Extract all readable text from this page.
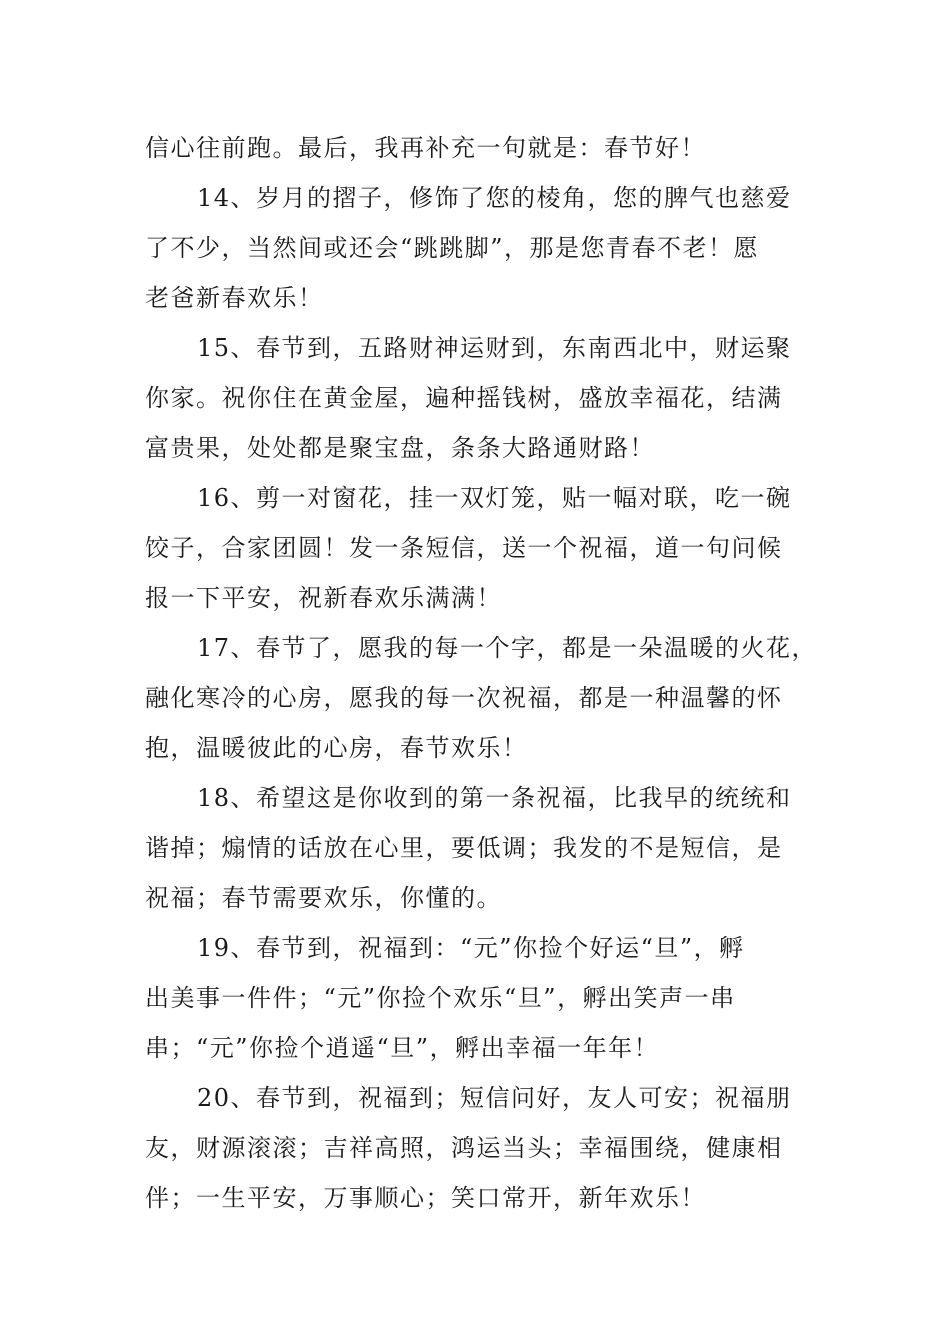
信心往前跑。最后，我再补充一句就是：春节好！
14、岁月的摺子，修饰了您的棱角，您的脾气也慈爱
了不少，当然间或还会“跳跳脚”，那是您青春不老！愿
老爸新春欢乐！
15、春节到，五路财神运财到，东南西北中，财运聚
你家。祝你住在黄金屋，遍种摇钱树，盛放幸福花，结满
富贵果，处处都是聚宝盘，条条大路通财路！
16、剪一对窗花，挂一双灯笼，贴一幅对联，吃一碗
饺子，合家团圆！发一条短信，送一个祝福，道一句问候
报一下平安，祝新春欢乐满满！
17、春节了，愿我的每一个字，都是一朵温暖的火花，
融化寒冷的心房，愿我的每一次祝福，都是一种温馨的怀
抱，温暖彼此的心房，春节欢乐！
18、希望这是你收到的第一条祝福，比我早的统统和
谐掉；煽情的话放在心里，要低调；我发的不是短信，是
祝福；春节需要欢乐，你懂的。
19、春节到，祝福到：“元”你捡个好运“旦”，孵
出美事一件件；“元”你捡个欢乐“旦”，孵出笑声一串
串；“元”你捡个逍遥“旦”，孵出幸福一年年！
20、春节到，祝福到；短信问好，友人可安；祝福朋
友，财源滚滚；吉祥高照，鸿运当头；幸福围绕，健康相
伴；一生平安，万事顺心；笑口常开，新年欢乐！
